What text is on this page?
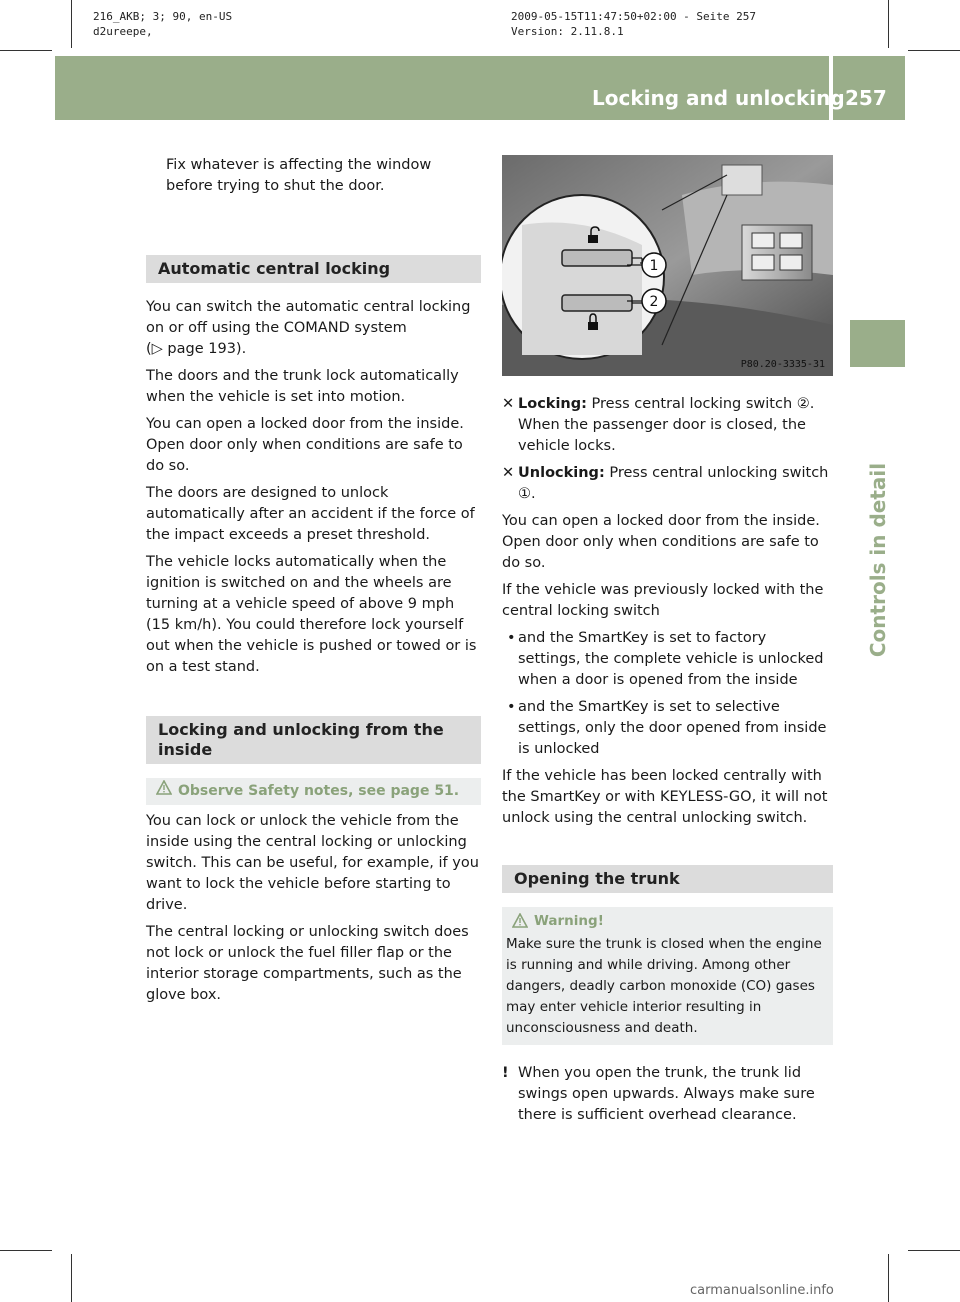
216_AKB; 3; 90, en-US
d2ureepe,
2009-05-15T11:47:50+02:00 - Seite 257
Version: 2.11.8.1
Locking and unlocking 257
Controls in detail

Fix whatever is affecting the window before trying to shut the door.

Automatic central locking

You can switch the automatic central locking on or off using the COMAND system
(▷ page 193).

The doors and the trunk lock automatically when the vehicle is set into motion.

You can open a locked door from the inside. Open door only when conditions are safe to do so.

The doors are designed to unlock automatically after an accident if the force of the impact exceeds a preset threshold.

The vehicle locks automatically when the ignition is switched on and the wheels are turning at a vehicle speed of above 9 mph (15 km/h). You could therefore lock yourself out when the vehicle is pushed or towed or is on a test stand.

Locking and unlocking from the inside
Observe Safety notes, see page 51.

You can lock or unlock the vehicle from the inside using the central locking or unlocking switch. This can be useful, for example, if you want to lock the vehicle before starting to drive.

The central locking or unlocking switch does not lock or unlock the fuel filler flap or the interior storage compartments, such as the glove box.

1
2
P80.20-3335-31
✕ Locking: Press central locking switch ②. When the passenger door is closed, the vehicle locks.
✕ Unlocking: Press central unlocking switch ①.

You can open a locked door from the inside. Open door only when conditions are safe to do so.

If the vehicle was previously locked with the central locking switch

• and the SmartKey is set to factory settings, the complete vehicle is unlocked when a door is opened from the inside
• and the SmartKey is set to selective settings, only the door opened from inside is unlocked

If the vehicle has been locked centrally with the SmartKey or with KEYLESS-GO, it will not unlock using the central unlocking switch.

Opening the trunk
Warning!
Make sure the trunk is closed when the engine is running and while driving. Among other dangers, deadly carbon monoxide (CO) gases may enter vehicle interior resulting in unconsciousness and death.
! When you open the trunk, the trunk lid swings open upwards. Always make sure there is sufficient overhead clearance.
carmanualsonline.info
